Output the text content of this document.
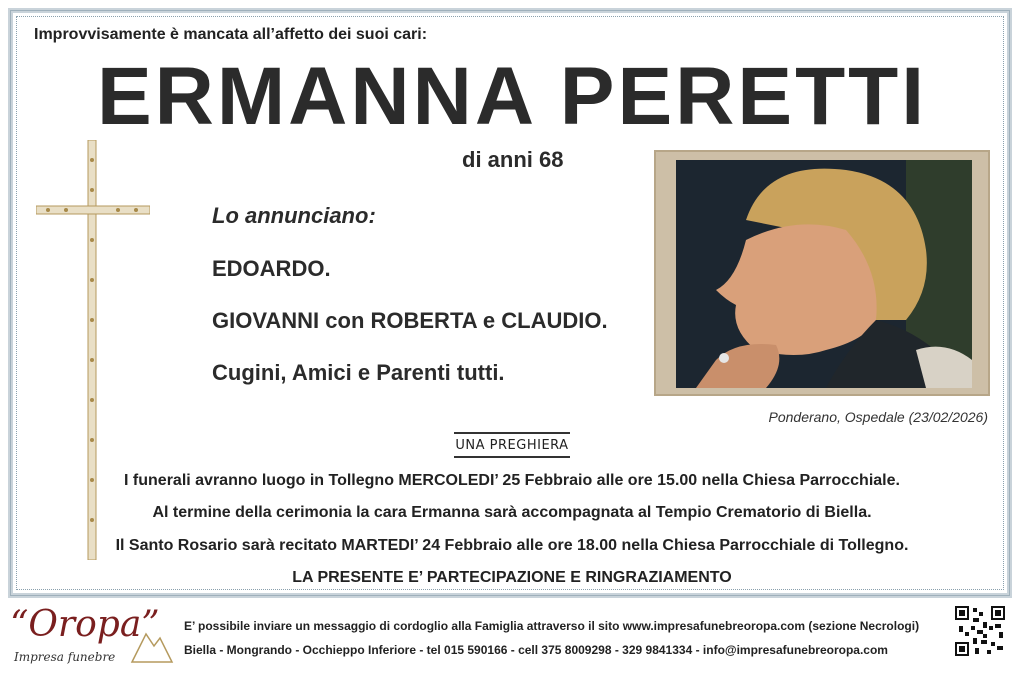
Improvvisamente è mancata all’affetto dei suoi cari:
ERMANNA PERETTI
di anni 68
Lo annunciano:
EDOARDO.
GIOVANNI con ROBERTA e CLAUDIO.
Cugini, Amici e Parenti tutti.
Ponderano, Ospedale (23/02/2026)
UNA PREGHIERA
I funerali avranno luogo in Tollegno MERCOLEDI’ 25 Febbraio alle ore 15.00 nella Chiesa Parrocchiale.
Al termine della cerimonia la cara Ermanna sarà accompagnata al Tempio Crematorio di Biella.
Il Santo Rosario sarà recitato MARTEDI’ 24 Febbraio alle ore 18.00 nella Chiesa Parrocchiale di Tollegno.
LA PRESENTE E’ PARTECIPAZIONE E RINGRAZIAMENTO
“Oropa”
Impresa funebre
E’ possibile inviare un messaggio di cordoglio alla Famiglia attraverso il sito www.impresafunebreoropa.com (sezione Necrologi)
Biella - Mongrando - Occhieppo Inferiore - tel 015 590166 - cell 375 8009298 - 329 9841334 - info@impresafunebreoropa.com
